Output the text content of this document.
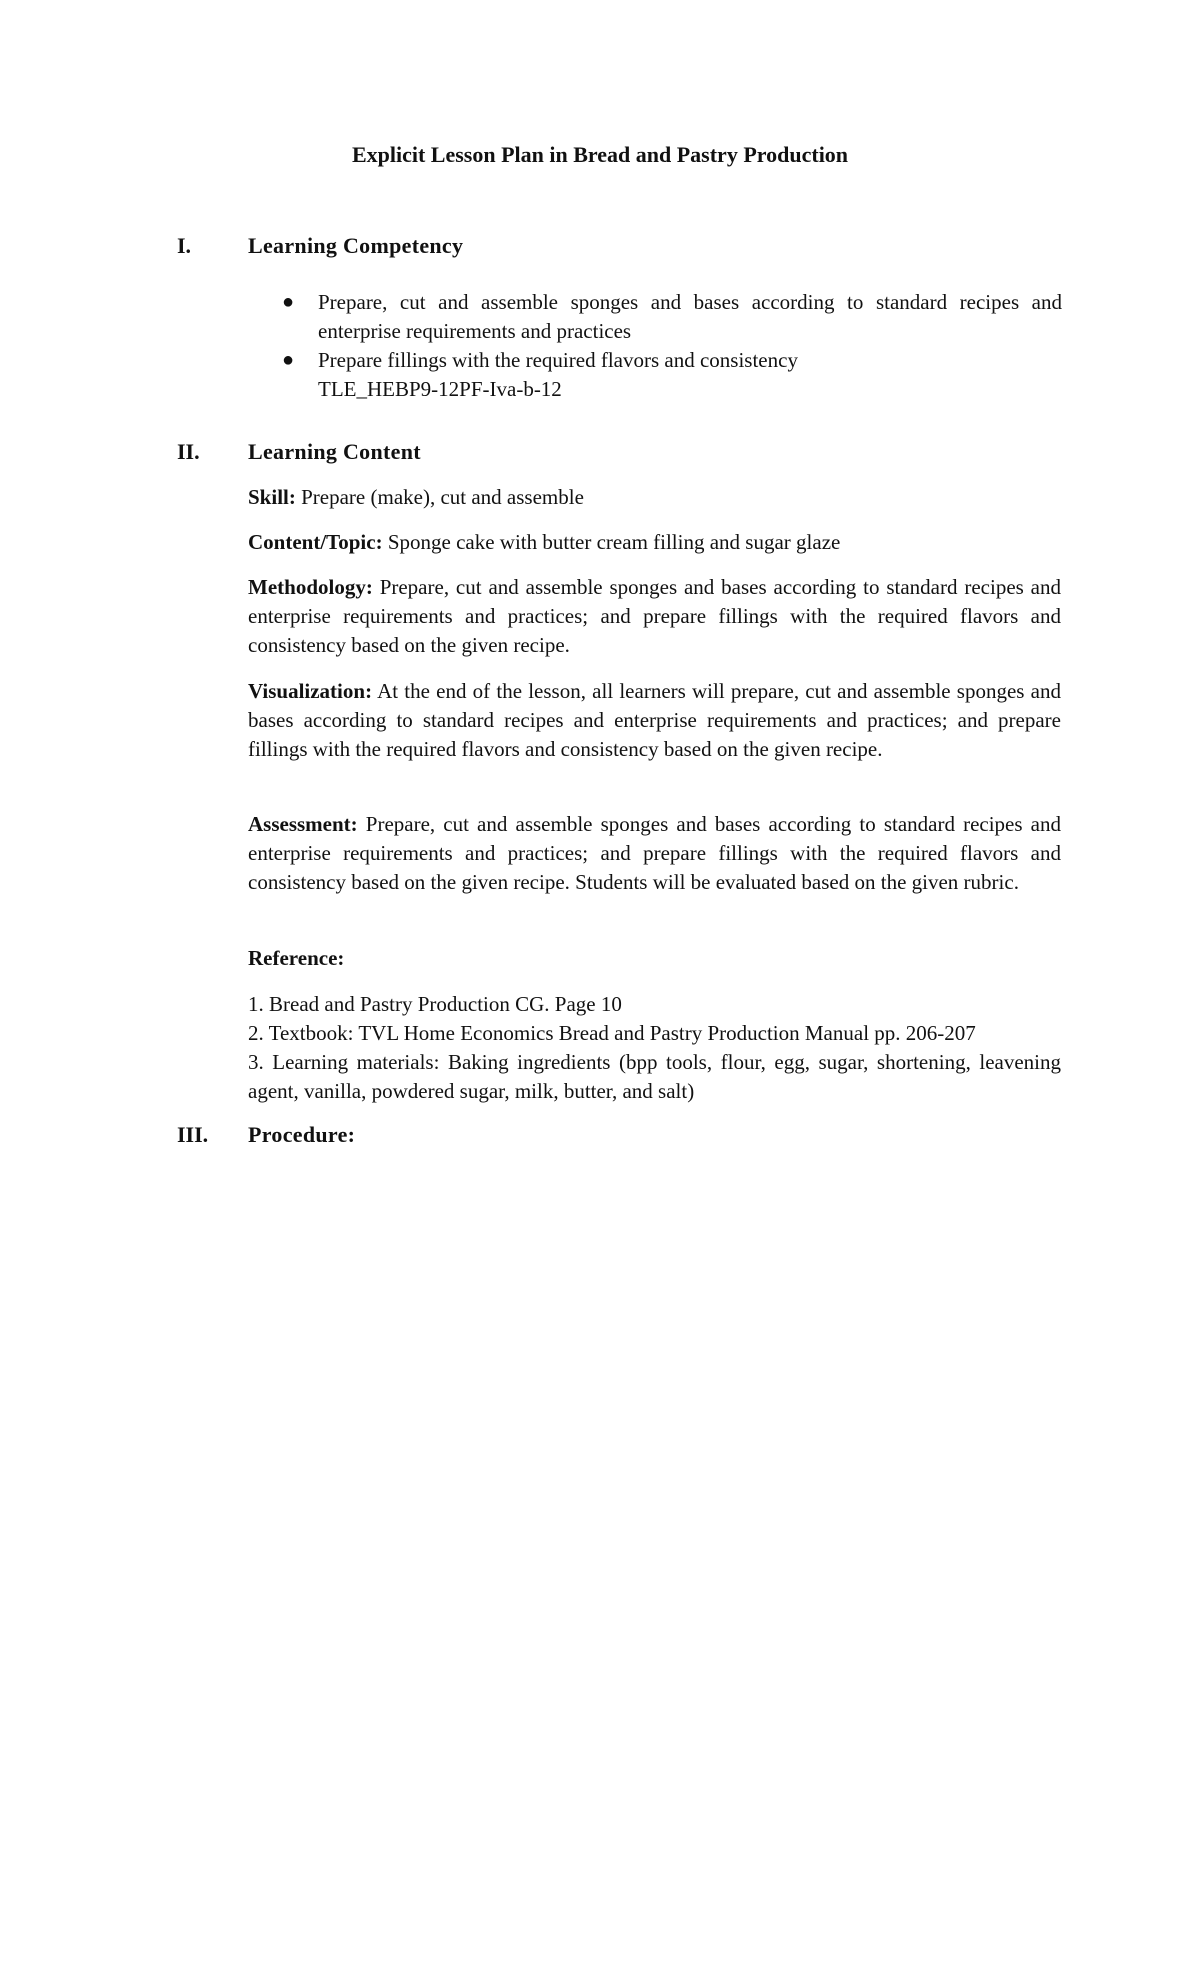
Explicit Lesson Plan in Bread and Pastry Production
I.	Learning Competency
● Prepare, cut and assemble sponges and bases according to standard recipes and enterprise requirements and practices
● Prepare fillings with the required flavors and consistency
TLE_HEBP9-12PF-Iva-b-12
II. Learning Content

Skill: Prepare (make), cut and assemble

Content/Topic: Sponge cake with butter cream filling and sugar glaze

Methodology: Prepare, cut and assemble sponges and bases according to standard recipes and enterprise requirements and practices; and prepare fillings with the required flavors and consistency based on the given recipe.

Visualization: At the end of the lesson, all learners will prepare, cut and assemble sponges and bases according to standard recipes and enterprise requirements and practices; and prepare fillings with the required flavors and consistency based on the given recipe.

Assessment: Prepare, cut and assemble sponges and bases according to standard recipes and enterprise requirements and practices; and prepare fillings with the required flavors and consistency based on the given recipe. Students will be evaluated based on the given rubric.

Reference:

1. Bread and Pastry Production CG. Page 10
2. Textbook: TVL Home Economics Bread and Pastry Production Manual pp. 206-207
3. Learning materials: Baking ingredients (bpp tools, flour, egg, sugar, shortening, leavening agent, vanilla, powdered sugar, milk, butter, and salt)
III. Procedure:
